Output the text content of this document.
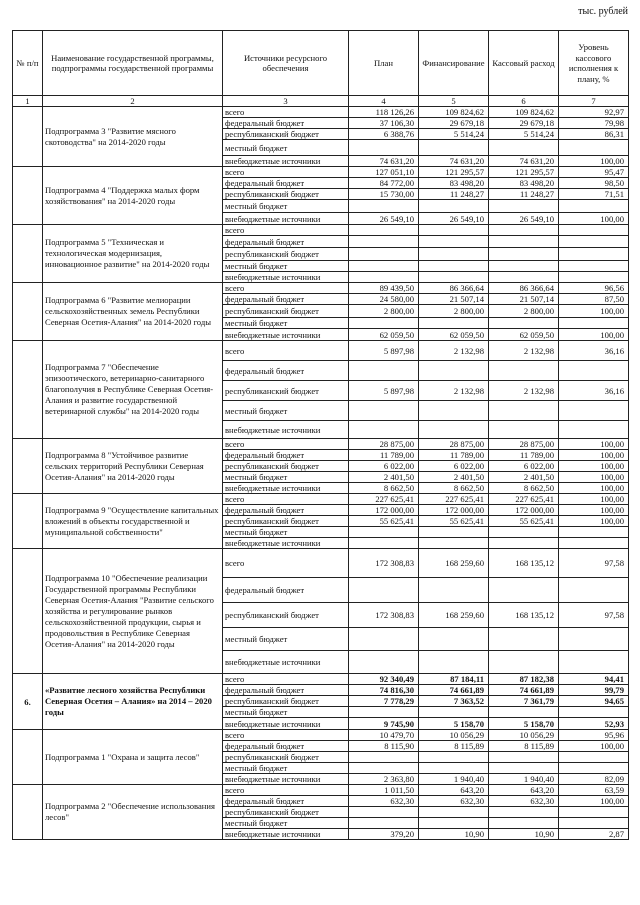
тыс. рублей
№ п/п	Наименование государственной программы, подпрограммы государственной программы	Источники ресурсного обеспечения	План	Финансирование	Кассовый расход	Уровень кассового исполнения к плану, %
1	2	3	4	5	6	7
	Подпрограмма 3 "Развитие мясного скотоводства" на 2014-2020 годы	всего	118 126,26	109 824,62	109 824,62	92,97
		федеральный бюджет	37 106,30	29 679,18	29 679,18	79,98
		республиканский бюджет	6 388,76	5 514,24	5 514,24	86,31
		местный бюджет				
		внебюджетные источники	74 631,20	74 631,20	74 631,20	100,00
	Подпрограмма 4 "Поддержка малых форм хозяйствования" на 2014-2020 годы	всего	127 051,10	121 295,57	121 295,57	95,47
		федеральный бюджет	84 772,00	83 498,20	83 498,20	98,50
		республиканский бюджет	15 730,00	11 248,27	11 248,27	71,51
		местный бюджет				
		внебюджетные источники	26 549,10	26 549,10	26 549,10	100,00
	Подпрограмма 5 "Техническая и технологическая модернизация, инновационное развитие" на 2014-2020 годы	всего				
		федеральный бюджет				
		республиканский бюджет				
		местный бюджет				
		внебюджетные источники				
	Подпрограмма 6 "Развитие мелиорации сельскохозяйственных земель Республики Северная Осетия-Алания" на 2014-2020 годы	всего	89 439,50	86 366,64	86 366,64	96,56
		федеральный бюджет	24 580,00	21 507,14	21 507,14	87,50
		республиканский бюджет	2 800,00	2 800,00	2 800,00	100,00
		местный бюджет				
		внебюджетные источники	62 059,50	62 059,50	62 059,50	100,00
	Подпрограмма 7 "Обеспечение эпизоотического, ветеринарно-санитарного благополучия в Республике Северная Осетия-Алания и развитие государственной ветеринарной службы" на 2014-2020 годы	всего	5 897,98	2 132,98	2 132,98	36,16
		федеральный бюджет				
		республиканский бюджет	5 897,98	2 132,98	2 132,98	36,16
		местный бюджет				
		внебюджетные источники				
	Подпрограмма 8 "Устойчивое развитие сельских территорий Республики Северная Осетия-Алания" на 2014-2020 годы	всего	28 875,00	28 875,00	28 875,00	100,00
		федеральный бюджет	11 789,00	11 789,00	11 789,00	100,00
		республиканский бюджет	6 022,00	6 022,00	6 022,00	100,00
		местный бюджет	2 401,50	2 401,50	2 401,50	100,00
		внебюджетные источники	8 662,50	8 662,50	8 662,50	100,00
	Подпрограмма 9 "Осуществление капитальных вложений в объекты государственной и муниципальной собственности"	всего	227 625,41	227 625,41	227 625,41	100,00
		федеральный бюджет	172 000,00	172 000,00	172 000,00	100,00
		республиканский бюджет	55 625,41	55 625,41	55 625,41	100,00
		местный бюджет				
		внебюджетные источники				
	Подпрограмма 10 "Обеспечение реализации Государственной программы Республики Северная Осетия-Алания "Развитие сельского хозяйства и регулирование рынков сельскохозяйственной продукции, сырья и продовольствия в Республике Северная Осетия-Алания" на 2014-2020 годы	всего	172 308,83	168 259,60	168 135,12	97,58
		федеральный бюджет				
		республиканский бюджет	172 308,83	168 259,60	168 135,12	97,58
		местный бюджет				
		внебюджетные источники				
6.	«Развитие лесного хозяйства Республики Северная Осетия – Алания» на 2014 – 2020 годы	всего	92 340,49	87 184,11	87 182,38	94,41
		федеральный бюджет	74 816,30	74 661,89	74 661,89	99,79
		республиканский бюджет	7 778,29	7 363,52	7 361,79	94,65
		местный бюджет				
		внебюджетные источники	9 745,90	5 158,70	5 158,70	52,93
	Подпрограмма 1 "Охрана и защита лесов"	всего	10 479,70	10 056,29	10 056,29	95,96
		федеральный бюджет	8 115,90	8 115,89	8 115,89	100,00
		республиканский бюджет				
		местный бюджет				
		внебюджетные источники	2 363,80	1 940,40	1 940,40	82,09
	Подпрограмма 2 "Обеспечение использования лесов"	всего	1 011,50	643,20	643,20	63,59
		федеральный бюджет	632,30	632,30	632,30	100,00
		республиканский бюджет				
		местный бюджет				
		внебюджетные источники	379,20	10,90	10,90	2,87
